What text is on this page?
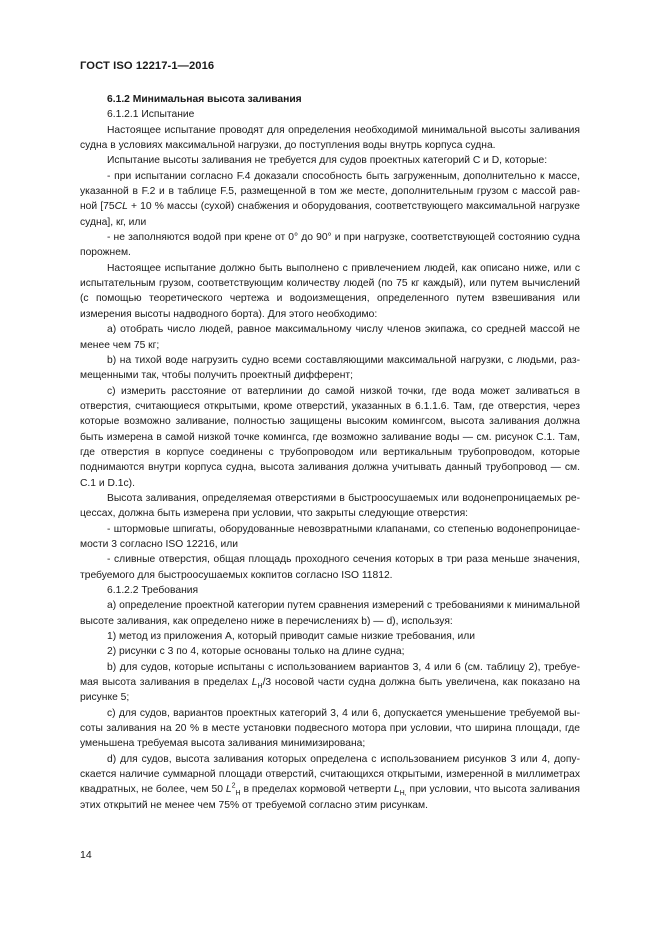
ГОСТ ISO 12217-1—2016

6.1.2 Минимальная высота заливания

6.1.2.1 Испытание

Настоящее испытание проводят для определения необходимой минимальной высоты заливания судна в условиях максимальной нагрузки, до поступления воды внутрь корпуса судна.

Испытание высоты заливания не требуется для судов проектных категорий C и D, которые:

- при испытании согласно F.4 доказали способность быть загруженным, дополнительно к массе, указанной в F.2 и в таблице F.5, размещенной в том же месте, дополнительным грузом с массой равной [75CL + 10 % массы (сухой) снабжения и оборудования, соответствующего максимальной нагрузке судна], кг, или

- не заполняются водой при крене от 0° до 90° и при нагрузке, соответствующей состоянию судна порожнем.

Настоящее испытание должно быть выполнено с привлечением людей, как описано ниже, или с испытательным грузом, соответствующим количеству людей (по 75 кг каждый), или путем вычислений (с помощью теоретического чертежа и водоизмещения, определенного путем взвешивания или измерения высоты надводного борта). Для этого необходимо:

a) отобрать число людей, равное максимальному числу членов экипажа, со средней массой не менее чем 75 кг;

b) на тихой воде нагрузить судно всеми составляющими максимальной нагрузки, с людьми, размещенными так, чтобы получить проектный дифферент;

c) измерить расстояние от ватерлинии до самой низкой точки, где вода может заливаться в отверстия, считающиеся открытыми, кроме отверстий, указанных в 6.1.1.6. Там, где отверстия, через которые возможно заливание, полностью защищены высоким комингсом, высота заливания должна быть измерена в самой низкой точке комингса, где возможно заливание воды — см. рисунок C.1. Там, где отверстия в корпусе соединены с трубопроводом или вертикальным трубопроводом, которые поднимаются внутри корпуса судна, высота заливания должна учитывать данный трубопровод — см. C.1 и D.1c).

Высота заливания, определяемая отверстиями в быстроосушаемых или водонепроницаемых рецессах, должна быть измерена при условии, что закрыты следующие отверстия:

- штормовые шпигаты, оборудованные невозвратными клапанами, со степенью водонепроницаемости 3 согласно ISO 12216, или

- сливные отверстия, общая площадь проходного сечения которых в три раза меньше значения, требуемого для быстроосушаемых кокпитов согласно ISO 11812.

6.1.2.2 Требования

a) определение проектной категории путем сравнения измерений с требованиями к минимальной высоте заливания, как определено ниже в перечислениях b) — d), используя:

1) метод из приложения A, который приводит самые низкие требования, или

2) рисунки с 3 по 4, которые основаны только на длине судна;

b) для судов, которые испытаны с использованием вариантов 3, 4 или 6 (см. таблицу 2), требуемая высота заливания в пределах $L_H/3$ носовой части судна должна быть увеличена, как показано на рисунке 5;

c) для судов, вариантов проектных категорий 3, 4 или 6, допускается уменьшение требуемой высоты заливания на 20 % в месте установки подвесного мотора при условии, что ширина площади, где уменьшена требуемая высота заливания минимизирована;

d) для судов, высота заливания которых определена с использованием рисунков 3 или 4, допускается наличие суммарной площади отверстий, считающихся открытыми, измеренной в миллиметрах квадратных, не более, чем 50 $L^2_H$ в пределах кормовой четверти $L_{H,}$ при условии, что высота заливания этих открытий не менее чем 75% от требуемой согласно этим рисункам.

14
